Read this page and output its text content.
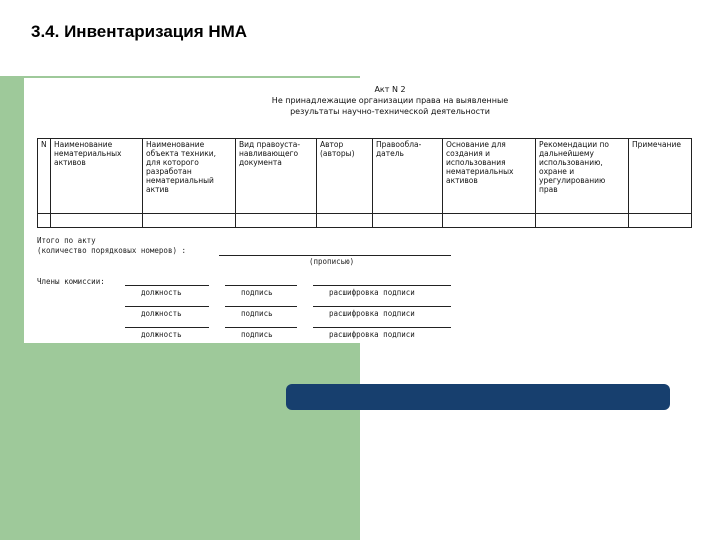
3.4. Инвентаризация НМА
Акт N 2
Не принадлежащие организации права на выявленные
результаты научно-технической деятельности
N	Наименование нематериальных активов	Наименование объекта техники, для которого разработан нематериальный актив	Вид правоуста-навливающего документа	Автор (авторы)	Правообла-датель	Основание для создания и использования нематериальных активов	Рекомендации по дальнейшему использованию, охране и урегулированию прав	Примечание

Итого по акту
(количество порядковых номеров) :
(прописью)
Члены комиссии:
должность	подпись	расшифровка подписи
должность	подпись	расшифровка подписи
должность	подпись	расшифровка подписи
